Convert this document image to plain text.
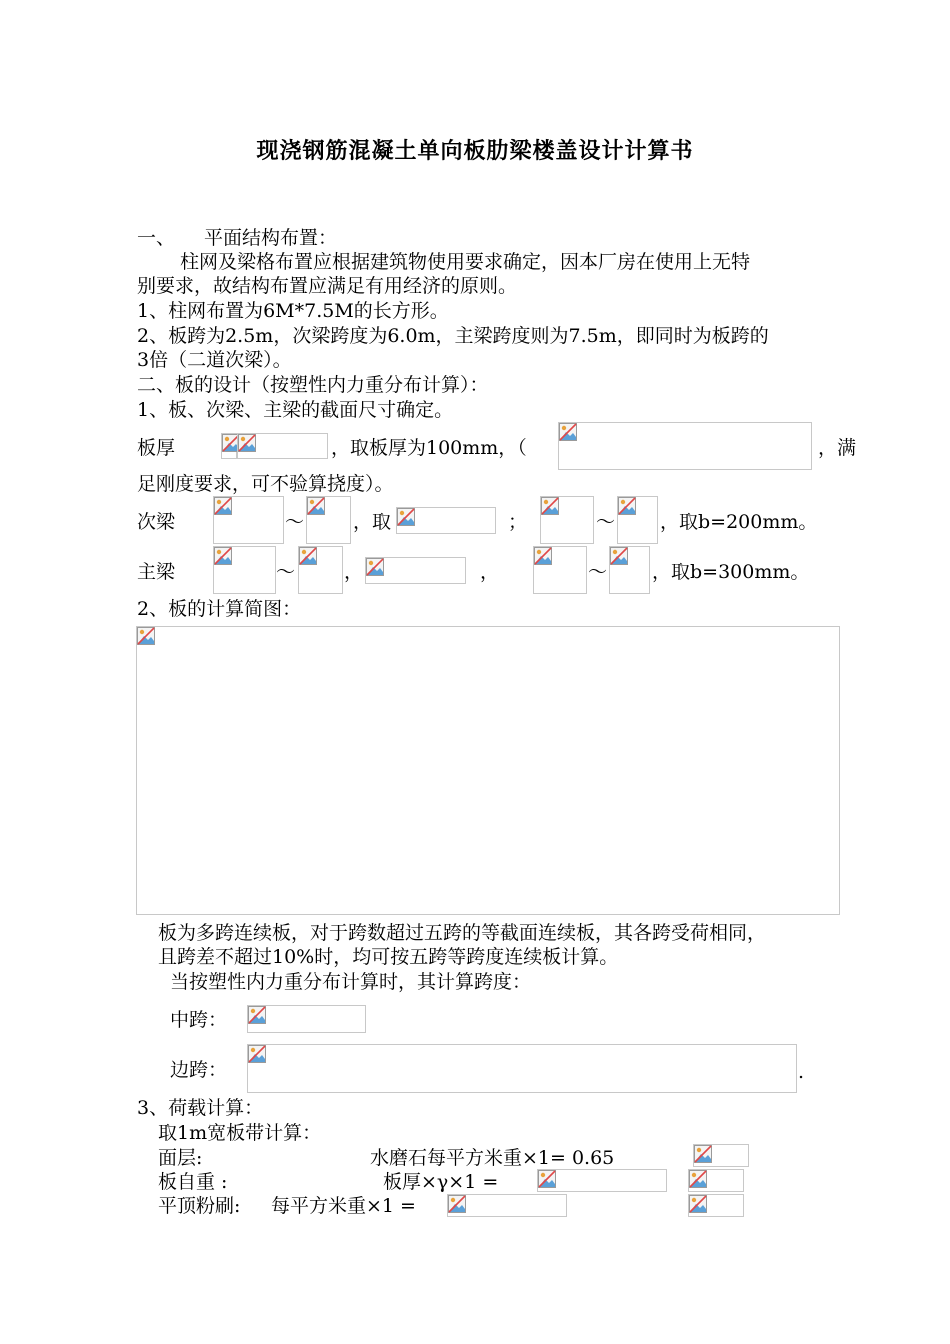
现浇钢筋混凝土单向板肋梁楼盖设计计算书
一、 平面结构布置：
柱网及梁格布置应根据建筑物使用要求确定，因本厂房在使用上无特
别要求，故结构布置应满足有用经济的原则。
1、柱网布置为6M*7.5M的长方形。
2、板跨为2.5m，次梁跨度为6.0m，主梁跨度则为7.5m，即同时为板跨的
3倍（二道次梁）。
二、板的设计（按塑性内力重分布计算）：
1、板、次梁、主梁的截面尺寸确定。
板厚	，取板厚为100mm，（	，满
足刚度要求，可不验算挠度）。
次梁	～	，取	；	～ ，取b=200mm。
主梁	～	，	，	～ ，取b=300mm。
2、板的计算简图：
板为多跨连续板，对于跨数超过五跨的等截面连续板，其各跨受荷相同，
且跨差不超过10%时，均可按五跨等跨度连续板计算。
当按塑性内力重分布计算时，其计算跨度：
中跨：
边跨：	.
3、荷载计算：
取1m宽板带计算：
面层:	水磨石每平方米重×1= 0.65
板自重 :	板厚×γ×1 =
平顶粉刷: 每平方米重×1 =
